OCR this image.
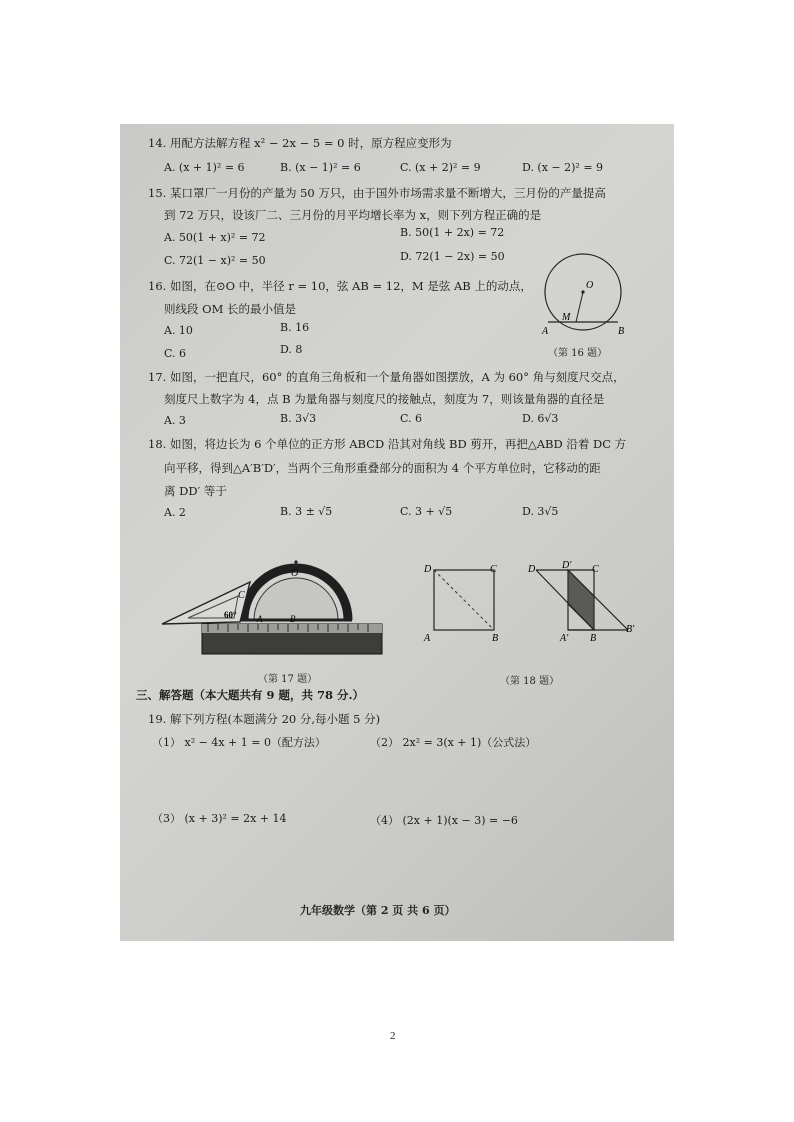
14. 用配方法解方程 x² − 2x − 5 = 0 时，原方程应变形为
A. (x + 1)² = 6	B. (x − 1)² = 6	C. (x + 2)² = 9	D. (x − 2)² = 9
15. 某口罩厂一月份的产量为 50 万只，由于国外市场需求量不断增大，三月份的产量提高
到 72 万只，设该厂二、三月份的月平均增长率为 x，则下列方程正确的是
A. 50(1 + x)² = 72	B. 50(1 + 2x) = 72
C. 72(1 − x)² = 50	D. 72(1 − 2x) = 50
16. 如图，在⊙O 中，半径 r = 10，弦 AB = 12，M 是弦 AB 上的动点，
则线段 OM 长的最小值是
A. 10	B. 16
C. 6	D. 8
O
M
A	B
（第 16 题）
17. 如图，一把直尺，60° 的直角三角板和一个量角器如图摆放，A 为 60° 角与刻度尺交点，
刻度尺上数字为 4，点 B 为量角器与刻度尺的接触点，刻度为 7，则该量角器的直径是
A. 3	B. 3√3	C. 6	D. 6√3
18. 如图，将边长为 6 个单位的正方形 ABCD 沿其对角线 BD 剪开，再把△ABD 沿着 DC 方
向平移，得到△A′B′D′，当两个三角形重叠部分的面积为 4 个平方单位时，它移动的距
离 DD′ 等于
A. 2	B. 3 ± √5	C. 3 + √5	D. 3√5
60°
C
O
A	B
（第 17 题）
D	C
A	B
D	D′ C
A′ B
B′
（第 18 题）
三、解答题（本大题共有 9 题，共 78 分.）
19. 解下列方程(本题满分 20 分,每小题 5 分)
（1） x² − 4x + 1 = 0（配方法）	（2） 2x² = 3(x + 1)（公式法）
（3） (x + 3)² = 2x + 14	（4） (2x + 1)(x − 3) = −6
九年级数学（第 2 页 共 6 页）
2
